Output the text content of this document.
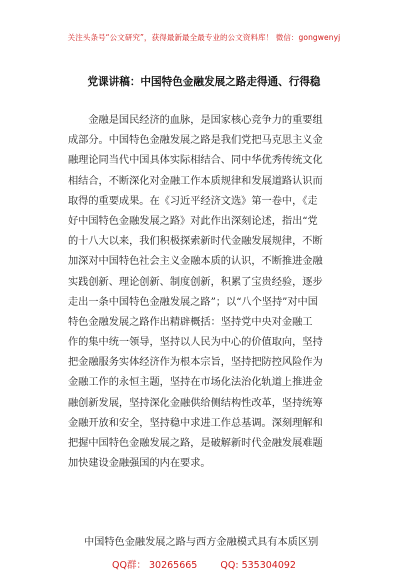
关注头条号“公文研究”，获得最新最全最专业的公文资料库！ 微信：gongwenyj
党课讲稿：中国特色金融发展之路走得通、行得稳
　　金融是国民经济的血脉，是国家核心竞争力的重要组
成部分。中国特色金融发展之路是我们党把马克思主义金
融理论同当代中国具体实际相结合、同中华优秀传统文化
相结合，不断深化对金融工作本质规律和发展道路认识而
取得的重要成果。在《习近平经济文选》第一卷中，《走
好中国特色金融发展之路》对此作出深刻论述，指出“党
的十八大以来，我们积极探索新时代金融发展规律，不断
加深对中国特色社会主义金融本质的认识，不断推进金融
实践创新、理论创新、制度创新，积累了宝贵经验，逐步
走出一条中国特色金融发展之路”；以“八个坚持”对中国
特色金融发展之路作出精辟概括：坚持党中央对金融工
作的集中统一领导，坚持以人民为中心的价值取向，坚持
把金融服务实体经济作为根本宗旨，坚持把防控风险作为
金融工作的永恒主题，坚持在市场化法治化轨道上推进金
融创新发展，坚持深化金融供给侧结构性改革，坚持统筹
金融开放和安全，坚持稳中求进工作总基调。深刻理解和
把握中国特色金融发展之路，是破解新时代金融发展难题
加快建设金融强国的内在要求。
中国特色金融发展之路与西方金融模式具有本质区别
QQ群： 30265665 QQ: 535304092
